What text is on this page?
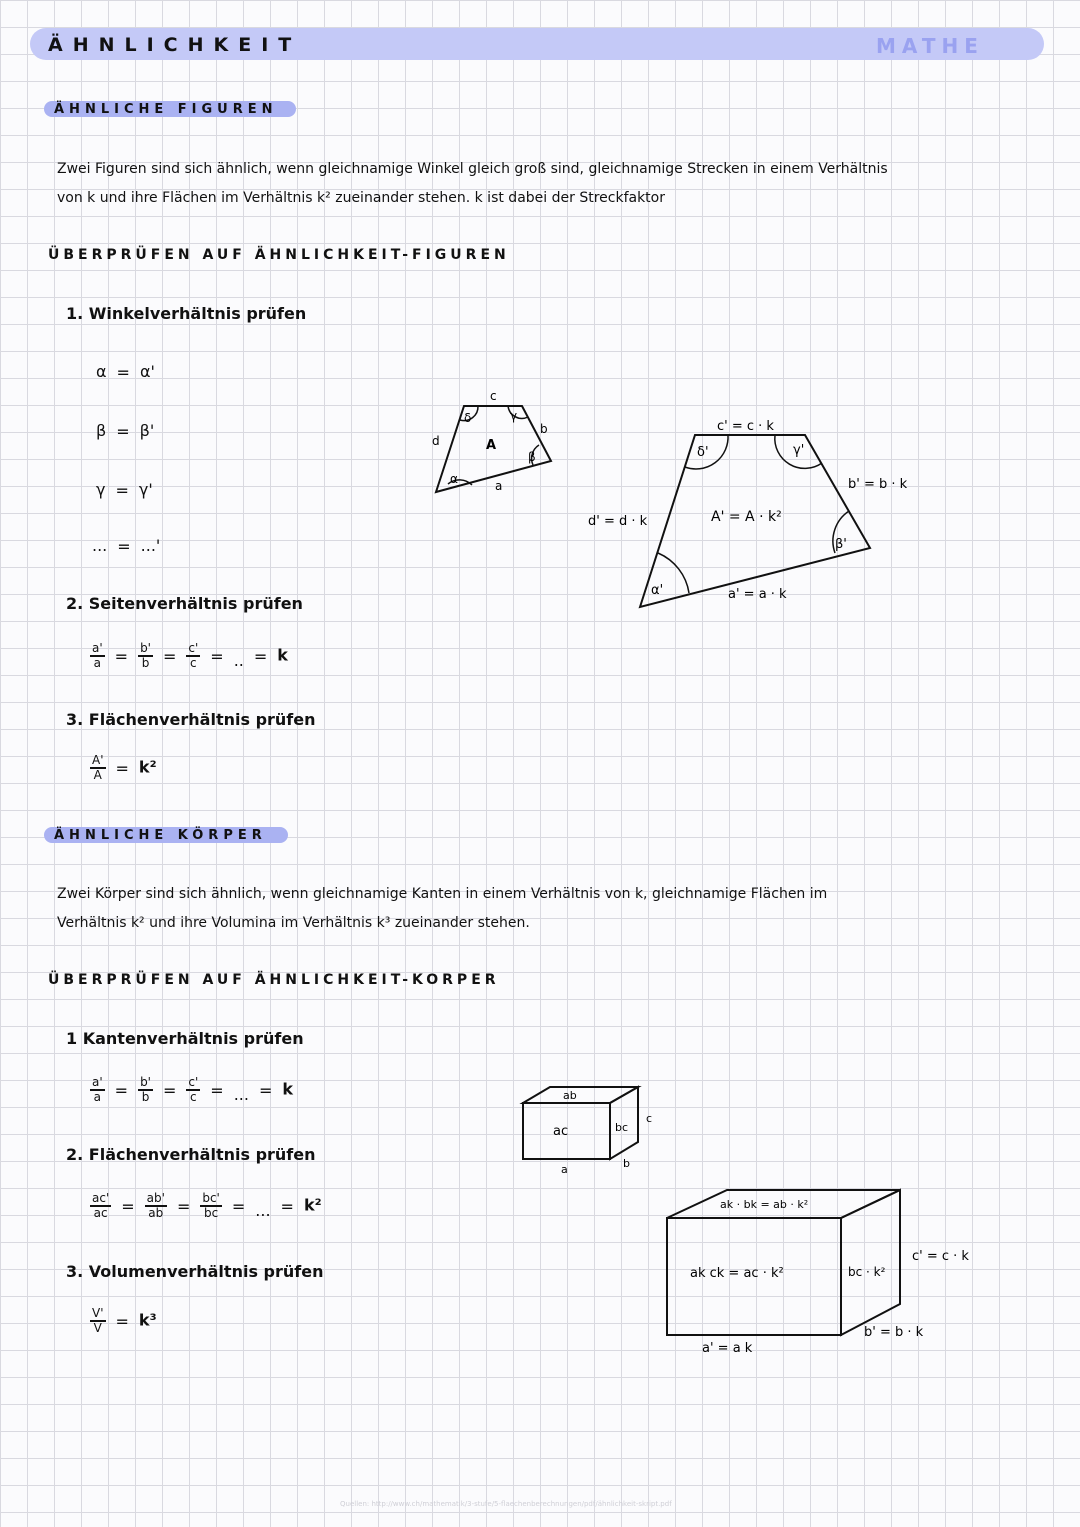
ÄHNLICHKEIT	MATHE
ÄHNLICHE FIGUREN
Zwei Figuren sind sich ähnlich, wenn gleichnamige Winkel gleich groß sind, gleichnamige Strecken in einem Verhältnis
von k und ihre Flächen im Verhältnis k² zueinander stehen. k ist dabei der Streckfaktor
ÜBERPRÜFEN AUF ÄHNLICHKEIT-FIGUREN
1. Winkelverhältnis prüfen
α = α'
β = β'
γ = γ'
... = ...'
2. Seitenverhältnis prüfen
$\frac{a'}{a} = \frac{b'}{b} = \frac{c'}{c}$ = .. = k
3. Flächenverhältnis prüfen
$\frac{A'}{A} = k^2$
c
b
d
a
A
α
β
γ
δ
c' = c · k
b' = b · k
d' = d · k
a' = a · k
A' = A · k²
α'
β'
γ'
δ'
ÄHNLICHE KÖRPER
Zwei Körper sind sich ähnlich, wenn gleichnamige Kanten in einem Verhältnis von k, gleichnamige Flächen im
Verhältnis k² und ihre Volumina im Verhältnis k³ zueinander stehen.
ÜBERPRÜFEN AUF ÄHNLICHKEIT-KORPER
1 Kantenverhältnis prüfen
$\frac{a'}{a} = \frac{b'}{b} = \frac{c'}{c}$ = ... = k
2. Flächenverhältnis prüfen
$\frac{ac'}{ac} = \frac{ab'}{ab} = \frac{bc'}{bc}$ = ... = k²
3. Volumenverhältnis prüfen
$\frac{V'}{V} = k^3$
ab
ac	bc
a	b
c
ak · bk = ab · k²
ak ck = ac · k²	bc · k²
a' = a k
b' = b · k
c' = c · k
Quellen: http://www.ch/mathematik/3-stufe/5-flaechenberechnungen/pdf/ähnlichkeit-skript.pdf
